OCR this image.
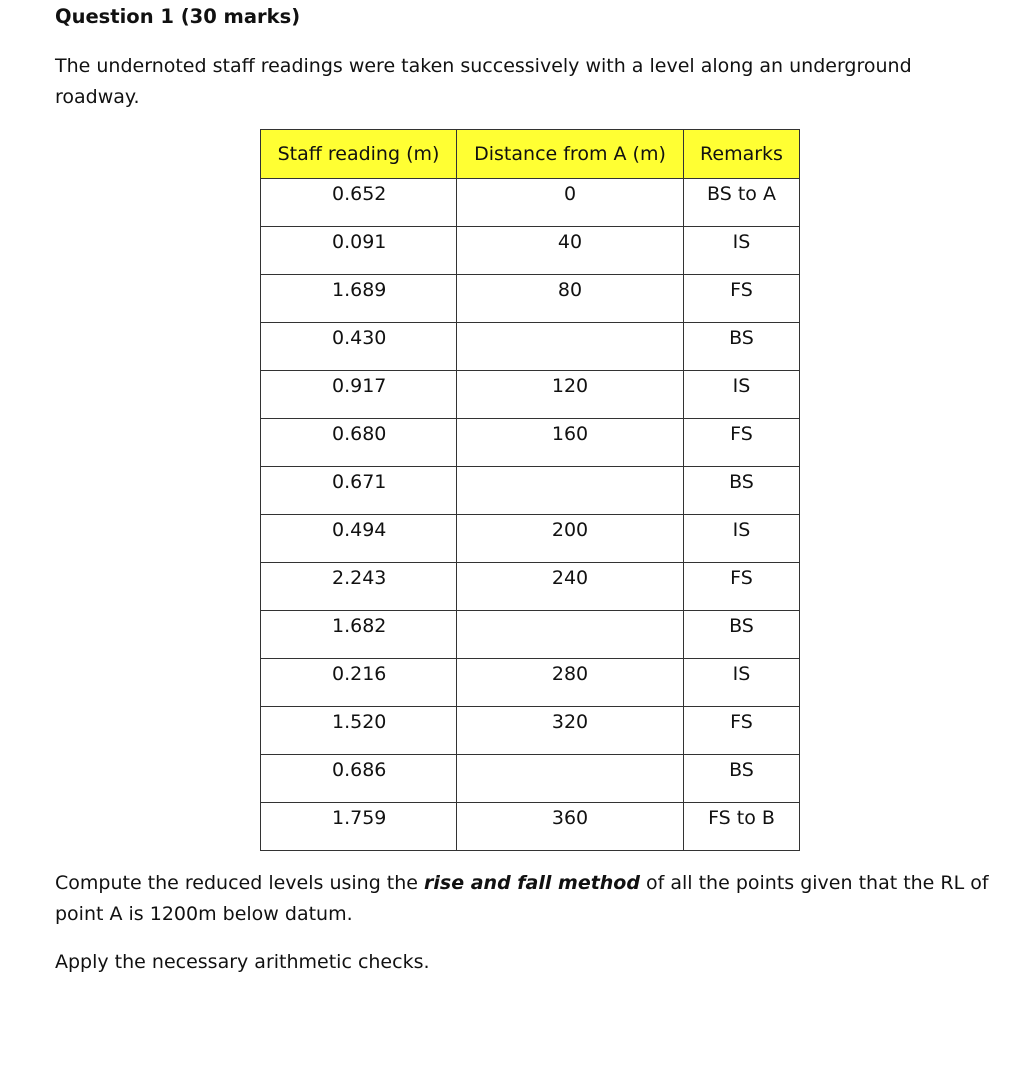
Question 1 (30 marks)

The undernoted staff readings were taken successively with a level along an underground
roadway.

Staff reading (m)	Distance from A (m)	Remarks
0.652	0	BS to A
0.091	40	IS
1.689	80	FS
0.430		BS
0.917	120	IS
0.680	160	FS
0.671		BS
0.494	200	IS
2.243	240	FS
1.682		BS
0.216	280	IS
1.520	320	FS
0.686		BS
1.759	360	FS to B

Compute the reduced levels using the rise and fall method of all the points given that the RL of
point A is 1200m below datum.

Apply the necessary arithmetic checks.
